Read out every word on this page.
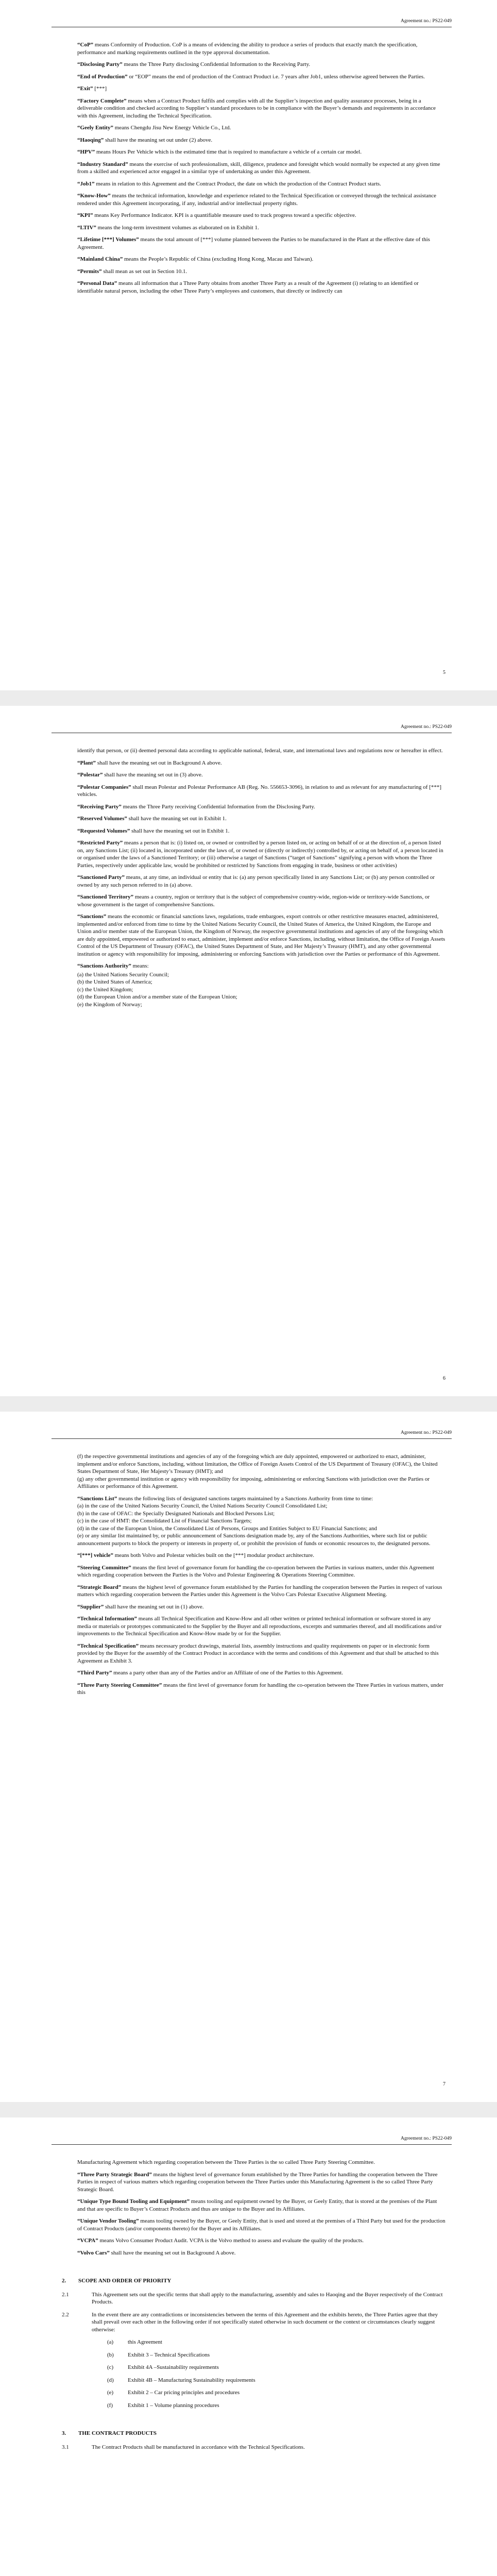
Agreement no.: PS22-049

“CoP” means Conformity of Production. CoP is a means of evidencing the ability to produce a series of products that exactly match the specification, performance and marking requirements outlined in the type approval documentation.

“Disclosing Party” means the Three Party disclosing Confidential Information to the Receiving Party.

“End of Production” or “EOP” means the end of production of the Contract Product i.e. 7 years after Job1, unless otherwise agreed between the Parties.

“Exit” [***]

“Factory Complete” means when a Contract Product fulfils and complies with all the Supplier’s inspection and quality assurance processes, being in a deliverable condition and checked according to Supplier’s standard procedures to be in compliance with the Buyer’s demands and requirements in accordance with this Agreement, including the Technical Specification.

“Geely Entity” means Chengdu Jisu New Energy Vehicle Co., Ltd.

“Haoqing” shall have the meaning set out under (2) above.

“HPV” means Hours Per Vehicle which is the estimated time that is required to manufacture a vehicle of a certain car model.

“Industry Standard” means the exercise of such professionalism, skill, diligence, prudence and foresight which would normally be expected at any given time from a skilled and experienced actor engaged in a similar type of undertaking as under this Agreement.

“Job1” means in relation to this Agreement and the Contract Product, the date on which the production of the Contract Product starts.

“Know-How” means the technical information, knowledge and experience related to the Technical Specification or conveyed through the technical assistance rendered under this Agreement incorporating, if any, industrial and/or intellectual property rights.

“KPI” means Key Performance Indicator. KPI is a quantifiable measure used to track progress toward a specific objective.

“LTIV” means the long-term investment volumes as elaborated on in Exhibit 1.

“Lifetime [***] Volumes” means the total amount of [***] volume planned between the Parties to be manufactured in the Plant at the effective date of this Agreement.

“Mainland China” means the People’s Republic of China (excluding Hong Kong, Macau and Taiwan).

“Permits” shall mean as set out in Section 10.1.

“Personal Data” means all information that a Three Party obtains from another Three Party as a result of the Agreement (i) relating to an identified or identifiable natural person, including the other Three Party’s employees and customers, that directly or indirectly can

5
Agreement no.: PS22-049

identify that person, or (ii) deemed personal data according to applicable national, federal, state, and international laws and regulations now or hereafter in effect.

“Plant” shall have the meaning set out in Background A above.

“Polestar” shall have the meaning set out in (3) above.

“Polestar Companies” shall mean Polestar and Polestar Performance AB (Reg. No. 556653-3096), in relation to and as relevant for any manufacturing of [***] vehicles.

“Receiving Party” means the Three Party receiving Confidential Information from the Disclosing Party.

“Reserved Volumes” shall have the meaning set out in Exhibit 1.

“Requested Volumes” shall have the meaning set out in Exhibit 1.

“Restricted Party” means a person that is: (i) listed on, or owned or controlled by a person listed on, or acting on behalf of or at the direction of, a person listed on, any Sanctions List; (ii) located in, incorporated under the laws of, or owned or (directly or indirectly) controlled by, or acting on behalf of, a person located in or organised under the laws of a Sanctioned Territory; or (iii) otherwise a target of Sanctions (“target of Sanctions” signifying a person with whom the Three Parties, respectively under applicable law, would be prohibited or restricted by Sanctions from engaging in trade, business or other activities)

“Sanctioned Party” means, at any time, an individual or entity that is: (a) any person specifically listed in any Sanctions List; or (b) any person controlled or owned by any such person referred to in (a) above.

“Sanctioned Territory” means a country, region or territory that is the subject of comprehensive country-wide, region-wide or territory-wide Sanctions, or whose government is the target of comprehensive Sanctions.

“Sanctions” means the economic or financial sanctions laws, regulations, trade embargoes, export controls or other restrictive measures enacted, administered, implemented and/or enforced from time to time by the United Nations Security Council, the United States of America, the United Kingdom, the Europe and Union and/or member state of the European Union, the Kingdom of Norway, the respective governmental institutions and agencies of any of the foregoing which are duly appointed, empowered or authorized to enact, administer, implement and/or enforce Sanctions, including, without limitation, the Office of Foreign Assets Control of the US Department of Treasury (OFAC), the United States Department of State, and Her Majesty’s Treasury (HMT), and any other governmental institution or agency with responsibility for imposing, administering or enforcing Sanctions with jurisdiction over the Parties or performance of this Agreement.

“Sanctions Authority” means:

(a) the United Nations Security Council;
(b) the United States of America;
(c) the United Kingdom;
(d) the European Union and/or a member state of the European Union;
(e) the Kingdom of Norway;
6
Agreement no.: PS22-049

(f) the respective governmental institutions and agencies of any of the foregoing which are duly appointed, empowered or authorized to enact, administer, implement and/or enforce Sanctions, including, without limitation, the Office of Foreign Assets Control of the US Department of Treasury (OFAC), the United States Department of State, Her Majesty’s Treasury (HMT); and
(g) any other governmental institution or agency with responsibility for imposing, administering or enforcing Sanctions with jurisdiction over the Parties or Affiliates or performance of this Agreement.

“Sanctions List” means the following lists of designated sanctions targets maintained by a Sanctions Authority from time to time:
(a) in the case of the United Nations Security Council, the United Nations Security Council Consolidated List;
(b) in the case of OFAC: the Specially Designated Nationals and Blocked Persons List;
(c) in the case of HMT: the Consolidated List of Financial Sanctions Targets;
(d) in the case of the European Union, the Consolidated List of Persons, Groups and Entities Subject to EU Financial Sanctions; and
(e) or any similar list maintained by, or public announcement of Sanctions designation made by, any of the Sanctions Authorities, where such list or public announcement purports to block the property or interests in property of, or prohibit the provision of funds or economic resources to, the designated persons.

“[***] vehicle” means both Volvo and Polestar vehicles built on the [***] modular product architecture.

“Steering Committee” means the first level of governance forum for handling the co-operation between the Parties in various matters, under this Agreement which regarding cooperation between the Parties is the Volvo and Polestar Engineering & Operations Steering Committee.

“Strategic Board” means the highest level of governance forum established by the Parties for handling the cooperation between the Parties in respect of various matters which regarding cooperation between the Parties under this Agreement is the Volvo Cars Polestar Executive Alignment Meeting.

“Supplier” shall have the meaning set out in (1) above.

“Technical Information” means all Technical Specification and Know-How and all other written or printed technical information or software stored in any media or materials or prototypes communicated to the Supplier by the Buyer and all reproductions, excerpts and summaries thereof, and all modifications and/or improvements to the Technical Specification and Know-How made by or for the Supplier.

“Technical Specification” means necessary product drawings, material lists, assembly instructions and quality requirements on paper or in electronic form provided by the Buyer for the assembly of the Contract Product in accordance with the terms and conditions of this Agreement and that shall be attached to this Agreement as Exhibit 3.

“Third Party” means a party other than any of the Parties and/or an Affiliate of one of the Parties to this Agreement.

“Three Party Steering Committee” means the first level of governance forum for handling the co-operation between the Three Parties in various matters, under this

7
Agreement no.: PS22-049

Manufacturing Agreement which regarding cooperation between the Three Parties is the so called Three Party Steering Committee.

“Three Party Strategic Board” means the highest level of governance forum established by the Three Parties for handling the cooperation between the Three Parties in respect of various matters which regarding cooperation between the Three Parties under this Manufacturing Agreement is the so called Three Party Strategic Board.

“Unique Type Bound Tooling and Equipment” means tooling and equipment owned by the Buyer, or Geely Entity, that is stored at the premises of the Plant and that are specific to Buyer’s Contract Products and thus are unique to the Buyer and its Affiliates.

“Unique Vendor Tooling” means tooling owned by the Buyer, or Geely Entity, that is used and stored at the premises of a Third Party but used for the production of Contract Products (and/or components thereto) for the Buyer and its Affiliates.

“VCPA” means Volvo Consumer Product Audit. VCPA is the Volvo method to assess and evaluate the quality of the products.

“Volvo Cars” shall have the meaning set out in Background A above.

2.	SCOPE AND ORDER OF PRIORITY
2.1	This Agreement sets out the specific terms that shall apply to the manufacturing, assembly and sales to Haoqing and the Buyer respectively of the Contract Products.
2.2	In the event there are any contradictions or inconsistencies between the terms of this Agreement and the exhibits hereto, the Three Parties agree that they shall prevail over each other in the following order if not specifically stated otherwise in such document or the context or circumstances clearly suggest otherwise:
(a)	this Agreement
(b)	Exhibit 3 – Technical Specifications
(c)	Exhibit 4A –Sustainability requirements
(d)	Exhibit 4B – Manufacturing Sustainability requirements
(e)	Exhibit 2 – Car pricing principles and procedures
(f)	Exhibit 1 – Volume planning procedures
3.	THE CONTRACT PRODUCTS
3.1	The Contract Products shall be manufactured in accordance with the Technical Specifications.
